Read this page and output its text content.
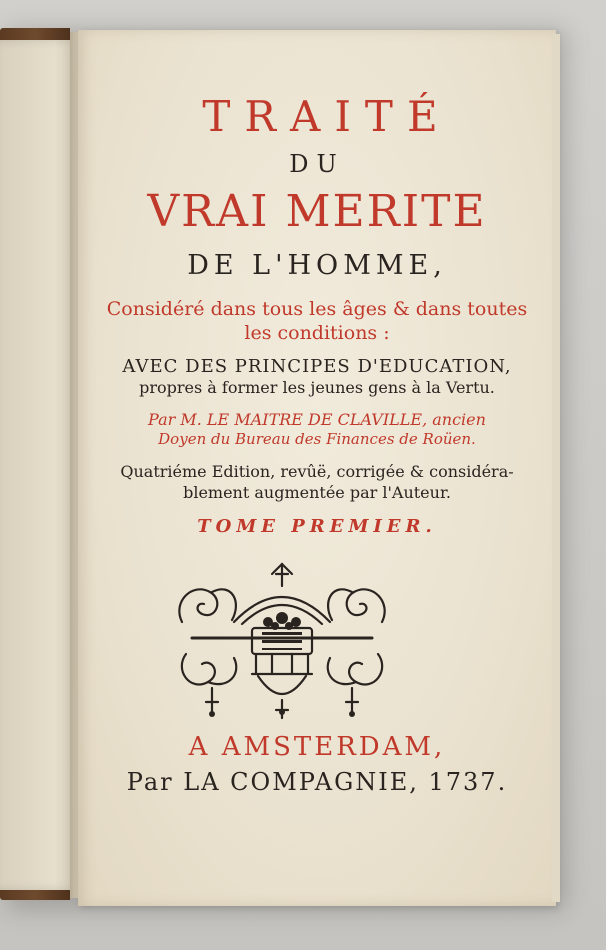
TRAITÉ

DU

VRAI MERITE

DE L'HOMME,

Considéré dans tous les âges & dans toutes

les conditions :

AVEC DES PRINCIPES D'EDUCATION,

propres à former les jeunes gens à la Vertu.

Par M. LE MAITRE DE CLAVILLE, ancien

Doyen du Bureau des Finances de Roüen.

Quatriéme Edition, revûë, corrigée & considéra-

blement augmentée par l'Auteur.

TOME PREMIER.

A AMSTERDAM,

Par LA COMPAGNIE, 1737.
